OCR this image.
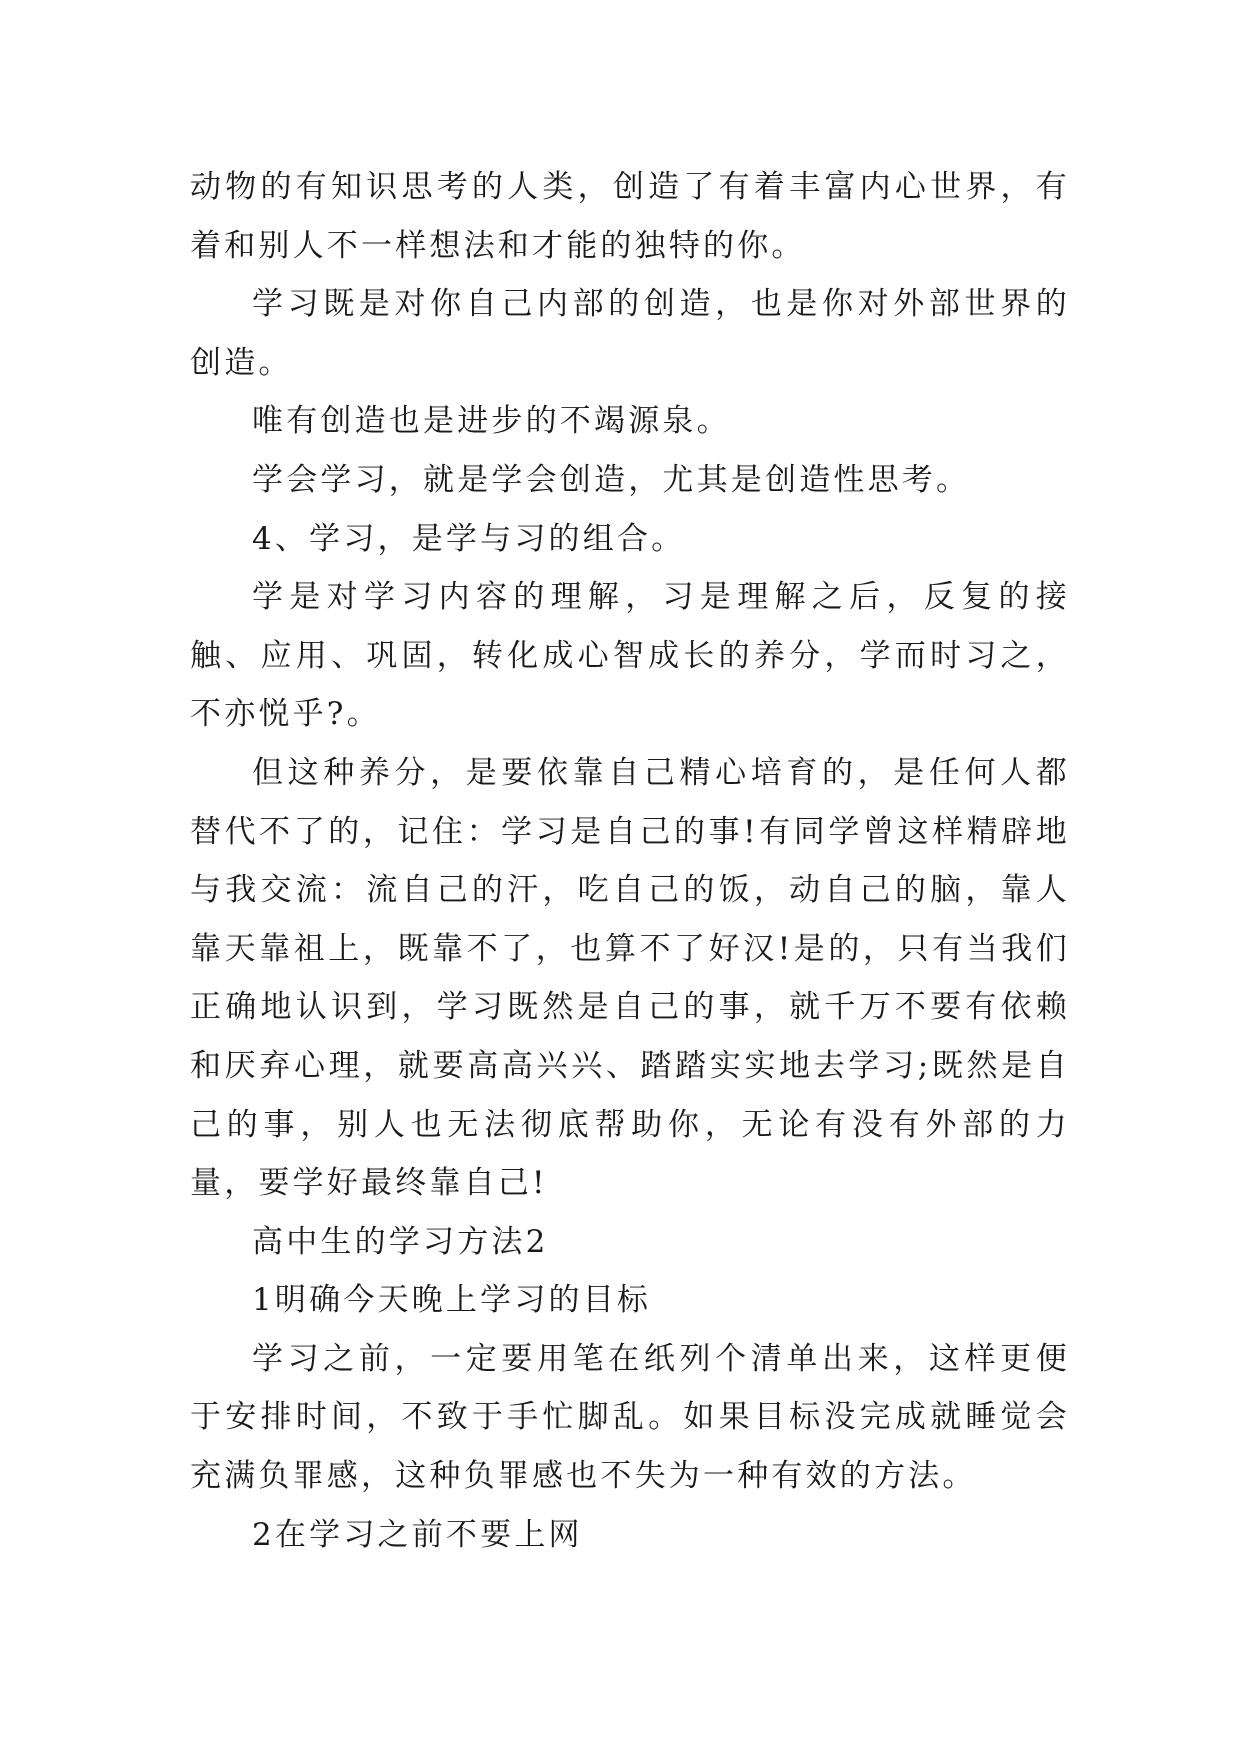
动物的有知识思考的人类，创造了有着丰富内心世界，有着和别人不一样想法和才能的独特的你。

学习既是对你自己内部的创造，也是你对外部世界的创造。

唯有创造也是进步的不竭源泉。

学会学习，就是学会创造，尤其是创造性思考。

4、学习，是学与习的组合。

学是对学习内容的理解，习是理解之后，反复的接触、应用、巩固，转化成心智成长的养分，学而时习之，不亦悦乎?。

但这种养分，是要依靠自己精心培育的，是任何人都替代不了的，记住：学习是自己的事!有同学曾这样精辟地与我交流：流自己的汗，吃自己的饭，动自己的脑，靠人靠天靠祖上，既靠不了，也算不了好汉!是的，只有当我们正确地认识到，学习既然是自己的事，就千万不要有依赖和厌弃心理，就要高高兴兴、踏踏实实地去学习;既然是自己的事，别人也无法彻底帮助你，无论有没有外部的力量，要学好最终靠自己!

高中生的学习方法2

1明确今天晚上学习的目标

学习之前，一定要用笔在纸列个清单出来，这样更便于安排时间，不致于手忙脚乱。如果目标没完成就睡觉会充满负罪感，这种负罪感也不失为一种有效的方法。

2在学习之前不要上网
